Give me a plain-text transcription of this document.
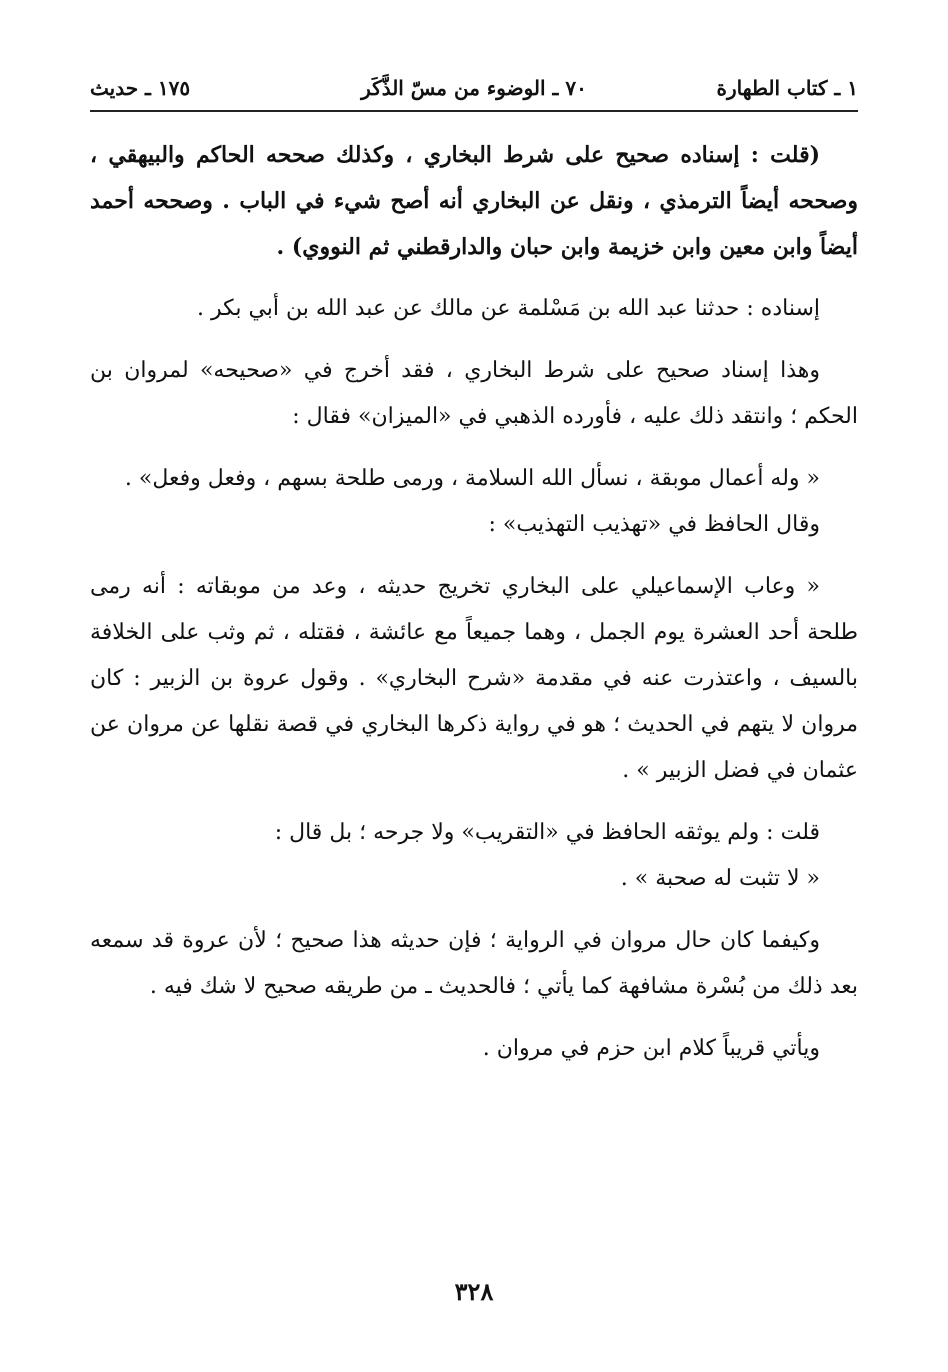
١ ـ كتاب الطهارة
٧٠ ـ الوضوء من مسّ الذَّكَر
١٧٥ ـ حديث

(قلت : إسناده صحيح على شرط البخاري ، وكذلك صححه الحاكم والبيهقي ، وصححه أيضاً الترمذي ، ونقل عن البخاري أنه أصح شيء في الباب . وصححه أحمد أيضاً وابن معين وابن خزيمة وابن حبان والدارقطني ثم النووي) .

إسناده : حدثنا عبد الله بن مَسْلمة عن مالك عن عبد الله بن أبي بكر .

وهذا إسناد صحيح على شرط البخاري ، فقد أخرج في «صحيحه» لمروان بن الحكم ؛ وانتقد ذلك عليه ، فأورده الذهبي في «الميزان» فقال :

« وله أعمال موبقة ، نسأل الله السلامة ، ورمى طلحة بسهم ، وفعل وفعل» .

وقال الحافظ في «تهذيب التهذيب» :

« وعاب الإسماعيلي على البخاري تخريج حديثه ، وعد من موبقاته : أنه رمى طلحة أحد العشرة يوم الجمل ، وهما جميعاً مع عائشة ، فقتله ، ثم وثب على الخلافة بالسيف ، واعتذرت عنه في مقدمة «شرح البخاري» . وقول عروة بن الزبير : كان مروان لا يتهم في الحديث ؛ هو في رواية ذكرها البخاري في قصة نقلها عن مروان عن عثمان في فضل الزبير » .

قلت : ولم يوثقه الحافظ في «التقريب» ولا جرحه ؛ بل قال :

« لا تثبت له صحبة » .

وكيفما كان حال مروان في الرواية ؛ فإن حديثه هذا صحيح ؛ لأن عروة قد سمعه بعد ذلك من بُسْرة مشافهة كما يأتي ؛ فالحديث ـ من طريقه صحيح لا شك فيه .

ويأتي قريباً كلام ابن حزم في مروان .

٣٢٨
